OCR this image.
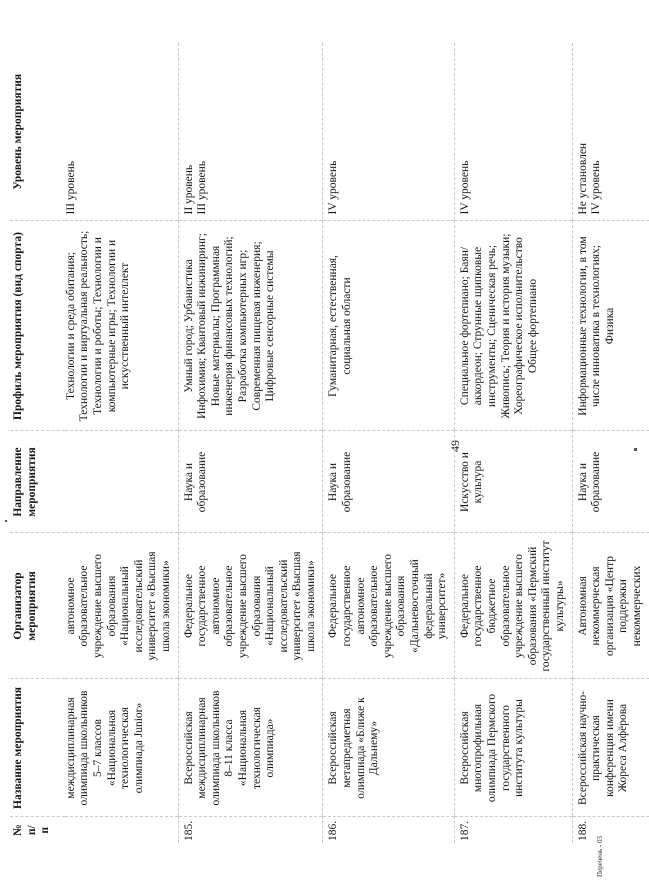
49
№ п/п	Название мероприятия	Организатор мероприятия	Направление мероприятия	Профиль мероприятия (вид спорта)	Уровень мероприятия
	междисциплинарная олимпиада школьников 5–7 классов «Национальная технологическая олимпиада Junior»	автономное образовательное учреждение высшего образования «Национальный исследовательский университет «Высшая школа экономики»		Технологии и среда обитания; Технологии и виртуальная реальность; Технологии и роботы; Технологии и компьютерные игры; Технологии и искусственный интеллект	III уровень

185.	Всероссийская междисциплинарная олимпиада школьников 8–11 класса «Национальная технологическая олимпиада»	Федеральное государственное автономное образовательное учреждение высшего образования «Национальный исследовательский университет «Высшая школа экономики»	Наука и образование	Умный город; Урбанистика Инфохимия; Квантовый инжиниринг; Новые материалы; Программная инженерия финансовых технологий; Разработка компьютерных игр; Современная пищевая инженерия; Цифровые сенсорные системы	II уровень III уровень

186.	Всероссийская метапредметная олимпиада «Ближе к Дальнему»	Федеральное государственное автономное образовательное учреждение высшего образования «Дальневосточный федеральный университет»	Наука и образование	Гуманитарная, естественная, социальная области	IV уровень

187.	Всероссийская многопрофильная олимпиада Пермского государственного института культуры	Федеральное государственное бюджетное образовательное учреждение высшего образования «Пермский государственный институт культуры»	Искусство и культура	Специальное фортепиано; Баян/аккордеон; Струнные щипковые инструменты; Сценическая речь; Живопись; Теория и история музыки; Хореографическое исполнительство Общее фортепиано	IV уровень

188.	Всероссийская научно-практическая конференция имени Жореса Алфёрова	Автономная некоммерческая организация «Центр поддержки некоммерческих	Наука и образование	Информационные технологии, в том числе инноватика в технологиях; Физика	Не установлен IV уровень
Перечень - 03
